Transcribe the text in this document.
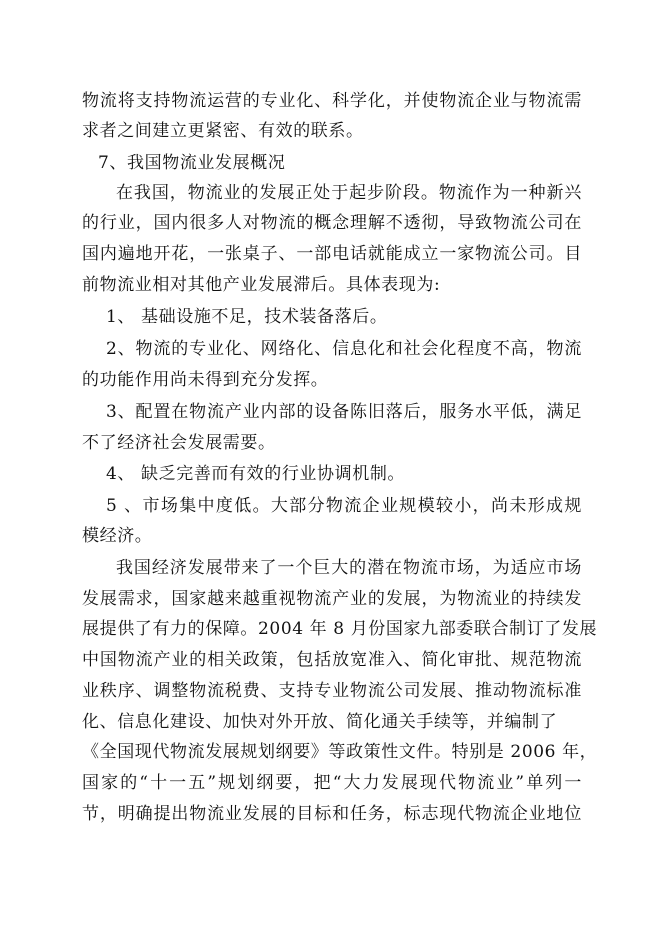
物流将支持物流运营的专业化、科学化，并使物流企业与物流需
求者之间建立更紧密、有效的联系。
7、我国物流业发展概况
在我国，物流业的发展正处于起步阶段。物流作为一种新兴
的行业，国内很多人对物流的概念理解不透彻，导致物流公司在
国内遍地开花，一张桌子、一部电话就能成立一家物流公司。目
前物流业相对其他产业发展滞后。具体表现为:
1、 基础设施不足，技术装备落后。
2、物流的专业化、网络化、信息化和社会化程度不高，物流
的功能作用尚未得到充分发挥。
3、配置在物流产业内部的设备陈旧落后，服务水平低，满足
不了经济社会发展需要。
4、 缺乏完善而有效的行业协调机制。
5 、市场集中度低。大部分物流企业规模较小，尚未形成规
模经济。
我国经济发展带来了一个巨大的潜在物流市场，为适应市场
发展需求，国家越来越重视物流产业的发展，为物流业的持续发
展提供了有力的保障。2004 年 8 月份国家九部委联合制订了发展
中国物流产业的相关政策，包括放宽准入、简化审批、规范物流
业秩序、调整物流税费、支持专业物流公司发展、推动物流标准
化、信息化建设、加快对外开放、简化通关手续等，并编制了
《全国现代物流发展规划纲要》等政策性文件。特别是 2006 年，
国家的“十一五”规划纲要，把“大力发展现代物流业”单列一
节，明确提出物流业发展的目标和任务，标志现代物流企业地位
